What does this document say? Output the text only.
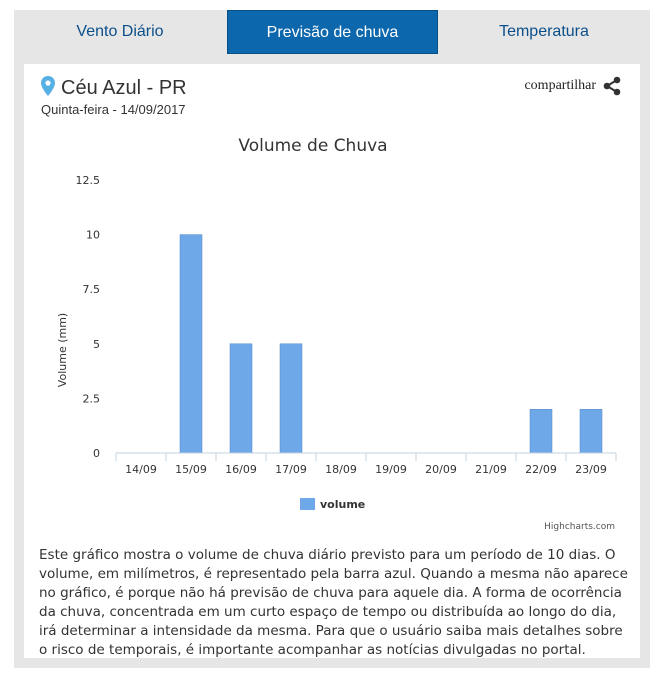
Vento Diário	Previsão de chuva	Temperatura
Céu Azul - PR
Quinta-feira - 14/09/2017
compartilhar
Volume de Chuva
Volume (mm)
0
2.5
5
7.5
10
12.5
14/09 15/09 16/09 17/09 18/09 19/09 20/09 21/09 22/09 23/09
volume
Highcharts.com
Este gráfico mostra o volume de chuva diário previsto para um período de 10 dias. O volume, em milímetros, é representado pela barra azul. Quando a mesma não aparece no gráfico, é porque não há previsão de chuva para aquele dia. A forma de ocorrência da chuva, concentrada em um curto espaço de tempo ou distribuída ao longo do dia, irá determinar a intensidade da mesma. Para que o usuário saiba mais detalhes sobre o risco de temporais, é importante acompanhar as notícias divulgadas no portal.
